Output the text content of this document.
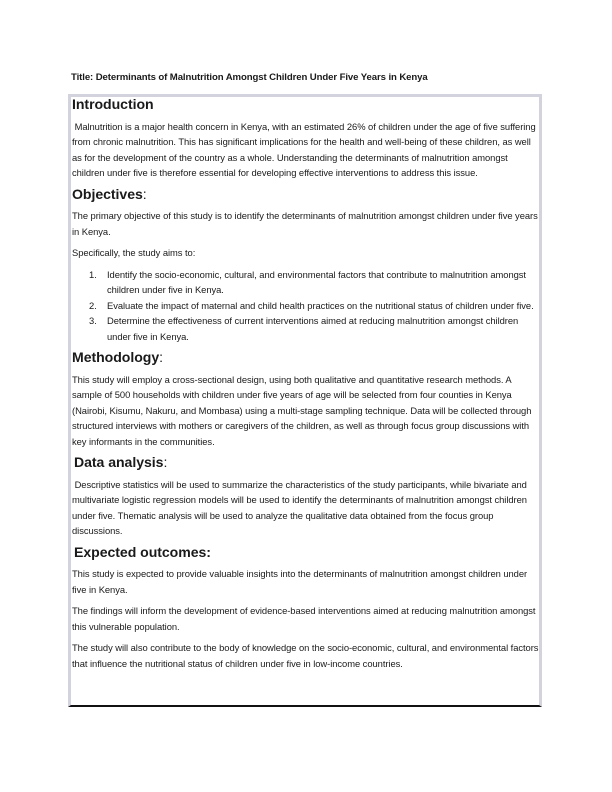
Title: Determinants of Malnutrition Amongst Children Under Five Years in Kenya
Introduction

Malnutrition is a major health concern in Kenya, with an estimated 26% of children under the age of five suffering from chronic malnutrition. This has significant implications for the health and well-being of these children, as well as for the development of the country as a whole. Understanding the determinants of malnutrition amongst children under five is therefore essential for developing effective interventions to address this issue.

Objectives:

The primary objective of this study is to identify the determinants of malnutrition amongst children under five years in Kenya.

Specifically, the study aims to:

1. Identify the socio-economic, cultural, and environmental factors that contribute to malnutrition amongst children under five in Kenya.
2. Evaluate the impact of maternal and child health practices on the nutritional status of children under five.
3. Determine the effectiveness of current interventions aimed at reducing malnutrition amongst children under five in Kenya.
Methodology:

This study will employ a cross-sectional design, using both qualitative and quantitative research methods. A sample of 500 households with children under five years of age will be selected from four counties in Kenya (Nairobi, Kisumu, Nakuru, and Mombasa) using a multi-stage sampling technique. Data will be collected through structured interviews with mothers or caregivers of the children, as well as through focus group discussions with key informants in the communities.

Data analysis:

Descriptive statistics will be used to summarize the characteristics of the study participants, while bivariate and multivariate logistic regression models will be used to identify the determinants of malnutrition amongst children under five. Thematic analysis will be used to analyze the qualitative data obtained from the focus group discussions.

Expected outcomes:

This study is expected to provide valuable insights into the determinants of malnutrition amongst children under five in Kenya.

The findings will inform the development of evidence-based interventions aimed at reducing malnutrition amongst this vulnerable population.

The study will also contribute to the body of knowledge on the socio-economic, cultural, and environmental factors that influence the nutritional status of children under five in low-income countries.
